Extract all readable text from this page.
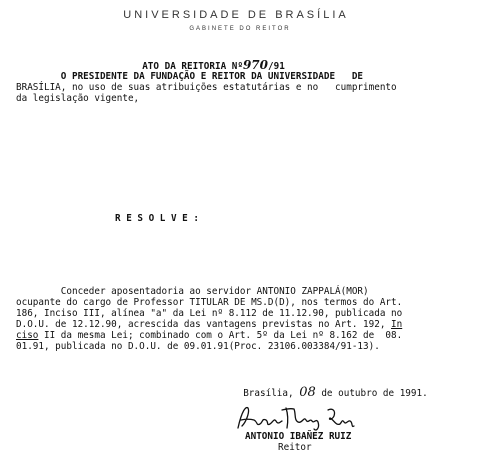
UNIVERSIDADE DE BRASÍLIA
GABINETE DO REITOR

ATO DA REITORIA Nº970/91

O PRESIDENTE DA FUNDAÇÃO E REITOR DA UNIVERSIDADE   DE
BRASÍLIA, no uso de suas atribuições estatutárias e no   cumprimento
da legislação vigente,
R E S O L V E :
Conceder aposentadoria ao servidor ANTONIO ZAPPALÁ(MOR)
ocupante do cargo de Professor TITULAR DE MS.D(D), nos termos do Art.
186, Inciso III, alínea "a" da Lei nº 8.112 de 11.12.90, publicada no
D.O.U. de 12.12.90, acrescida das vantagens previstas no Art. 192, In
ciso II da mesma Lei; combinado com o Art. 5º da Lei nº 8.162 de  08.
01.91, publicada no D.O.U. de 09.01.91(Proc. 23106.003384/91-13).

Brasília, 08 de outubro de 1991.

ANTONIO IBAÑEZ RUIZ
Reitor
